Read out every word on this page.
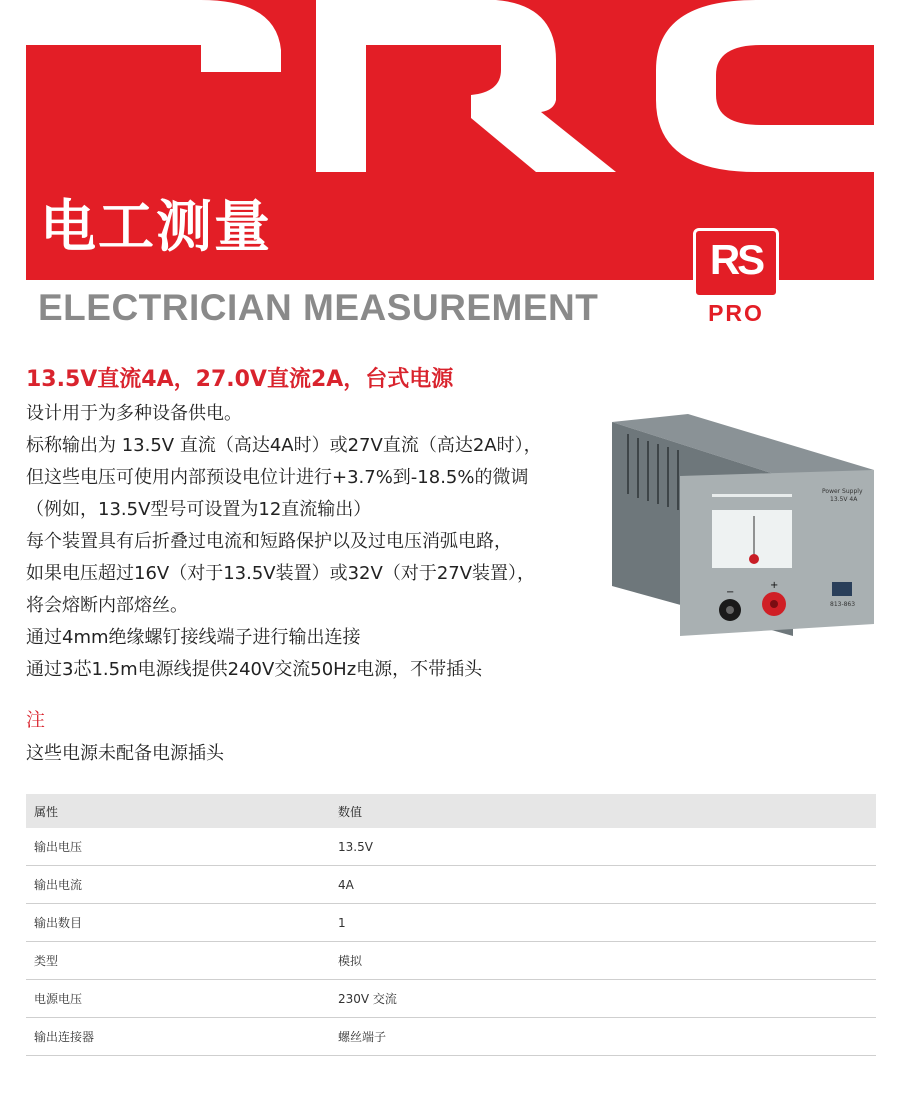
电工测量
ELECTRICIAN MEASUREMENT
RS
PRO
13.5V直流4A，27.0V直流2A，台式电源
设计用于为多种设备供电。
标称输出为 13.5V 直流（高达4A时）或27V直流（高达2A时），
但这些电压可使用内部预设电位计进行+3.7%到-18.5%的微调
（例如，13.5V型号可设置为12直流输出）
每个装置具有后折叠过电流和短路保护以及过电压消弧电路，
如果电压超过16V（对于13.5V装置）或32V（对于27V装置），
将会熔断内部熔丝。
通过4mm绝缘螺钉接线端子进行输出连接
通过3芯1.5m电源线提供240V交流50Hz电源，不带插头
Power Supply
13.5V 4A
813-863
−
+
注
这些电源未配备电源插头
属性	数值
输出电压	13.5V
输出电流	4A
输出数目	1
类型	模拟
电源电压	230V 交流
输出连接器	螺丝端子
